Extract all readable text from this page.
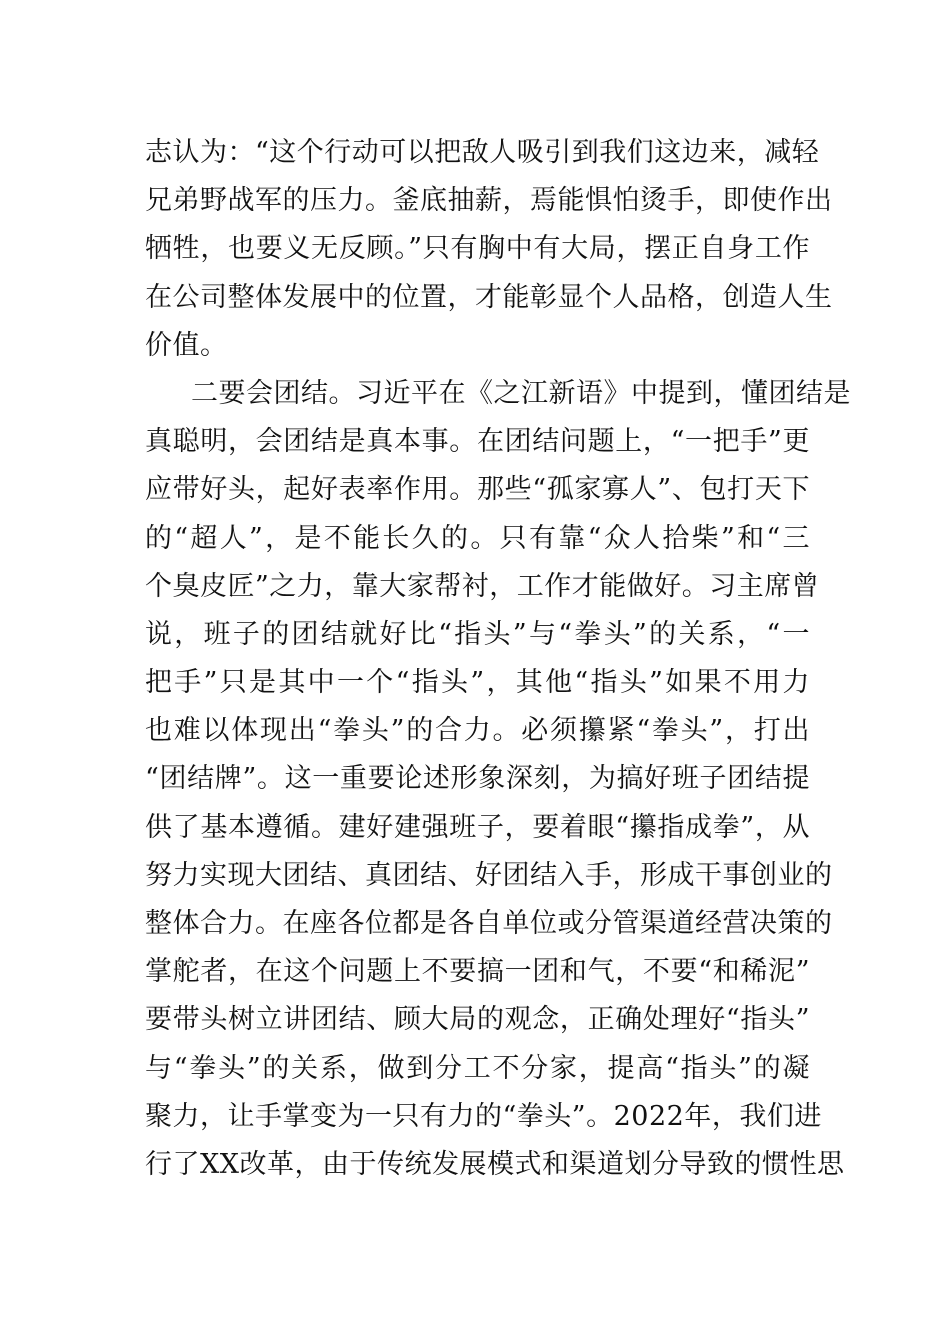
志认为：“这个行动可以把敌人吸引到我们这边来，减轻
兄弟野战军的压力。釜底抽薪，焉能惧怕烫手，即使作出
牺牲，也要义无反顾。”只有胸中有大局，摆正自身工作
在公司整体发展中的位置，才能彰显个人品格，创造人生
价值。
二要会团结。习近平在《之江新语》中提到，懂团结是
真聪明，会团结是真本事。在团结问题上，“一把手”更
应带好头，起好表率作用。那些“孤家寡人”、包打天下
的“超人”，是不能长久的。只有靠“众人拾柴”和“三
个臭皮匠”之力，靠大家帮衬，工作才能做好。习主席曾
说，班子的团结就好比“指头”与“拳头”的关系，“一
把手”只是其中一个“指头”，其他“指头”如果不用力
也难以体现出“拳头”的合力。必须攥紧“拳头”，打出
“团结牌”。这一重要论述形象深刻，为搞好班子团结提
供了基本遵循。建好建强班子，要着眼“攥指成拳”，从
努力实现大团结、真团结、好团结入手，形成干事创业的
整体合力。在座各位都是各自单位或分管渠道经营决策的
掌舵者，在这个问题上不要搞一团和气，不要“和稀泥”
要带头树立讲团结、顾大局的观念，正确处理好“指头”
与“拳头”的关系，做到分工不分家，提高“指头”的凝
聚力，让手掌变为一只有力的“拳头”。2022年，我们进
行了XX改革，由于传统发展模式和渠道划分导致的惯性思
